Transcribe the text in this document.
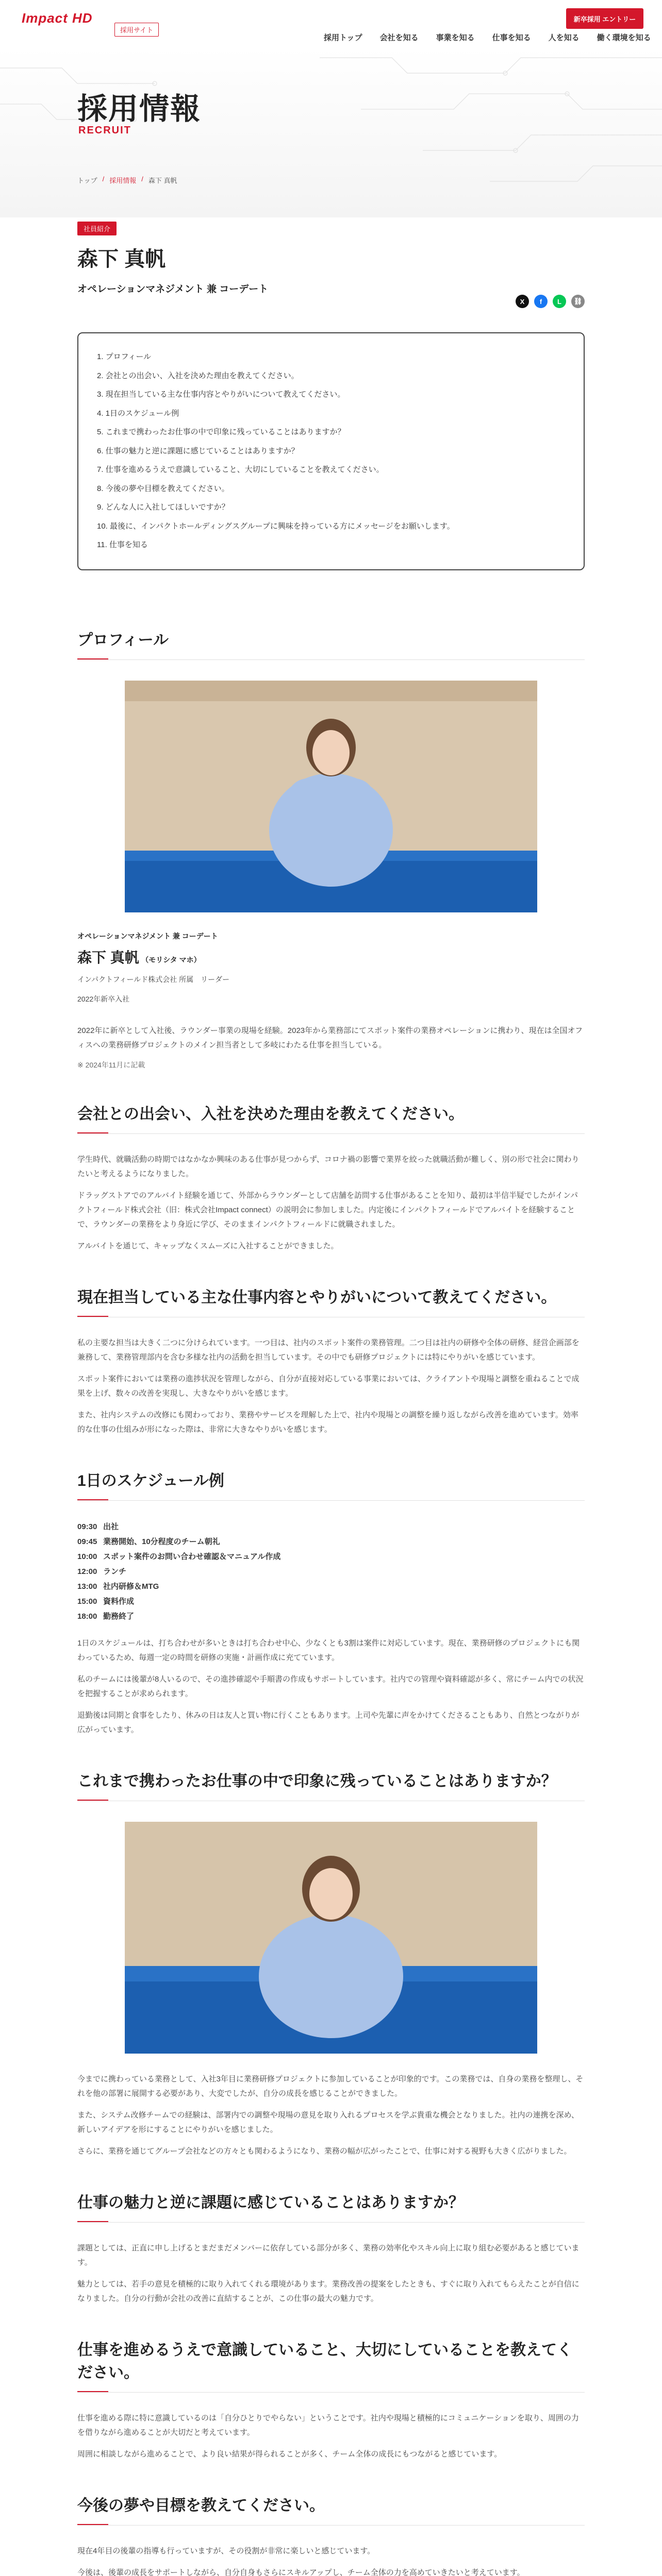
Impact HD
採用サイト
採用トップ 会社を知る 事業を知る 仕事を知る 人を知る 働く環境を知る
新卒採用 エントリー
採用情報
RECRUIT
トップ / 採用情報 / 森下 真帆
社員紹介
森下 真帆
オペレーションマネジメント 兼 コーデート
X	f	L	⛓
1. プロフィール
2. 会社との出会い、入社を決めた理由を教えてください。
3. 現在担当している主な仕事内容とやりがいについて教えてください。
4. 1日のスケジュール例
5. これまで携わったお仕事の中で印象に残っていることはありますか？
6. 仕事の魅力と逆に課題に感じていることはありますか？
7. 仕事を進めるうえで意識していること、大切にしていることを教えてください。
8. 今後の夢や目標を教えてください。
9. どんな人に入社してほしいですか？
10. 最後に、インパクトホールディングスグループに興味を持っている方にメッセージをお願いします。
11. 仕事を知る
プロフィール
オペレーションマネジメント 兼 コーデート
森下 真帆 （モリシタ マホ）
インパクトフィールド株式会社 所属　リーダー
2022年新卒入社

2022年に新卒として入社後、ラウンダー事業の現場を経験。2023年から業務部にてスポット案件の業務オペレーションに携わり、現在は全国オフィスへの業務研修プロジェクトのメイン担当者として多岐にわたる仕事を担当している。

※ 2024年11月に記載
会社との出会い、入社を決めた理由を教えてください。

学生時代、就職活動の時期ではなかなか興味のある仕事が見つからず、コロナ禍の影響で業界を絞った就職活動が難しく、別の形で社会に関わりたいと考えるようになりました。

ドラッグストアでのアルバイト経験を通じて、外部からラウンダーとして店舗を訪問する仕事があることを知り、最初は半信半疑でしたがインパクトフィールド株式会社（旧：株式会社Impact connect）の説明会に参加しました。内定後にインパクトフィールドでアルバイトを経験することで、ラウンダーの業務をより身近に学び、そのままインパクトフィールドに就職されました。

アルバイトを通じて、キャップなくスムーズに入社することができました。

現在担当している主な仕事内容とやりがいについて教えてください。

私の主要な担当は大きく二つに分けられています。一つ目は、社内のスポット案件の業務管理。二つ目は社内の研修や全体の研修、経営企画部を兼務して、業務管理部内を含む多様な社内の活動を担当しています。その中でも研修プロジェクトには特にやりがいを感じています。

スポット案件においては業務の進捗状況を管理しながら、自分が直接対応している事業においては、クライアントや現場と調整を重ねることで成果を上げ、数々の改善を実現し、大きなやりがいを感じます。

また、社内システムの改修にも関わっており、業務やサービスを理解した上で、社内や現場との調整を繰り返しながら改善を進めています。効率的な仕事の仕組みが形になった際は、非常に大きなやりがいを感じます。

1日のスケジュール例
09:30 出社
09:45 業務開始、10分程度のチーム朝礼
10:00 スポット案件のお問い合わせ確認＆マニュアル作成
12:00 ランチ
13:00 社内研修＆MTG
15:00 資料作成
18:00 勤務終了

1日のスケジュールは、打ち合わせが多いときは打ち合わせ中心、少なくとも3割は案件に対応しています。現在、業務研修のプロジェクトにも関わっているため、毎週一定の時間を研修の実施・計画作成に充てています。

私のチームには後輩が8人いるので、その進捗確認や手順書の作成もサポートしています。社内での管理や資料確認が多く、常にチーム内での状況を把握することが求められます。

退勤後は同期と食事をしたり、休みの日は友人と買い物に行くこともあります。上司や先輩に声をかけてくださることもあり、自然とつながりが広がっています。

これまで携わったお仕事の中で印象に残っていることはありますか？

今までに携わっている業務として、入社3年目に業務研修プロジェクトに参加していることが印象的です。この業務では、自身の業務を整理し、それを他の部署に展開する必要があり、大変でしたが、自分の成長を感じることができました。

また、システム改修チームでの経験は、部署内での調整や現場の意見を取り入れるプロセスを学ぶ貴重な機会となりました。社内の連携を深め、新しいアイデアを形にすることにやりがいを感じました。

さらに、業務を通じてグループ会社などの方々とも関わるようになり、業務の幅が広がったことで、仕事に対する視野も大きく広がりました。

仕事の魅力と逆に課題に感じていることはありますか？

課題としては、正直に申し上げるとまだまだメンバーに依存している部分が多く、業務の効率化やスキル向上に取り組む必要があると感じています。

魅力としては、若手の意見を積極的に取り入れてくれる環境があります。業務改善の提案をしたときも、すぐに取り入れてもらえたことが自信になりました。自分の行動が会社の改善に直結することが、この仕事の最大の魅力です。

仕事を進めるうえで意識していること、大切にしていることを教えてください。

仕事を進める際に特に意識しているのは「自分ひとりでやらない」ということです。社内や現場と積極的にコミュニケーションを取り、周囲の力を借りながら進めることが大切だと考えています。

周囲に相談しながら進めることで、より良い結果が得られることが多く、チーム全体の成長にもつながると感じています。

今後の夢や目標を教えてください。

現在4年目の後輩の指導も行っていますが、その役割が非常に楽しいと感じています。

今後は、後輩の成長をサポートしながら、自分自身もさらにスキルアップし、チーム全体の力を高めていきたいと考えています。
